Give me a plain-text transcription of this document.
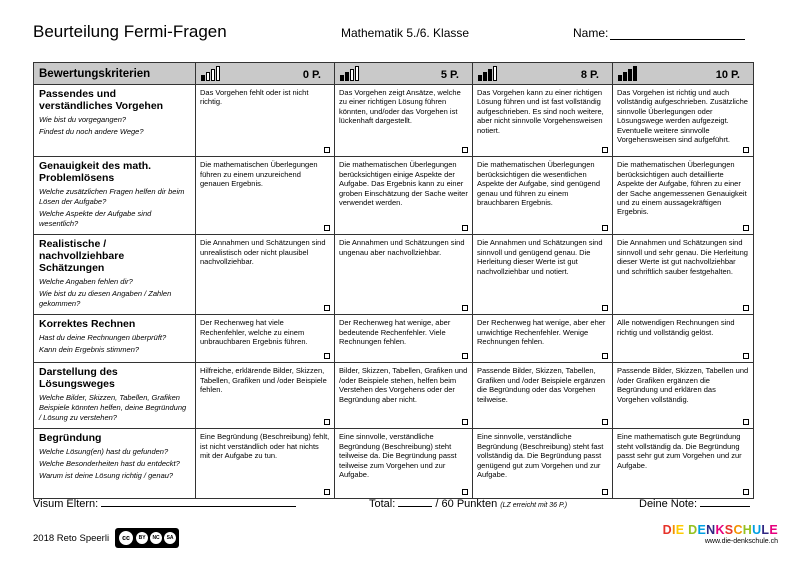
Beurteilung Fermi-Fragen	Mathematik 5./6. Klasse	Name:
Bewertungskriterien	0 P.	5 P.	8 P.	10 P.

Passendes und verständliches Vorgehen
Wie bist du vorgegangen?
Findest du noch andere Wege?	Das Vorgehen fehlt oder ist nicht richtig.	Das Vorgehen zeigt Ansätze, welche zu einer richtigen Lösung führen könnten, und/oder das Vorgehen ist lückenhaft dargestellt.	Das Vorgehen kann zu einer richtigen Lösung führen und ist fast vollständig aufgeschrieben. Es sind noch weitere, aber nicht sinnvolle Vorgehensweisen notiert.	Das Vorgehen ist richtig und auch vollständig aufgeschrieben. Zusätzliche sinnvolle Überlegungen oder Lösungswege werden aufgezeigt. Eventuelle weitere sinnvolle Vorgehensweisen sind aufgeführt.

Genauigkeit des math. Problemlösens
Welche zusätzlichen Fragen helfen dir beim Lösen der Aufgabe?
Welche Aspekte der Aufgabe sind wesentlich?	Die mathematischen Überlegungen führen zu einem unzureichend genauen Ergebnis.	Die mathematischen Überlegungen berücksichtigen einige Aspekte der Aufgabe. Das Ergebnis kann zu einer groben Einschätzung der Sache weiter verwendet werden.	Die mathematischen Überlegungen berücksichtigen die wesentlichen Aspekte der Aufgabe, sind genügend genau und führen zu einem brauchbaren Ergebnis.	Die mathematischen Überlegungen berücksichtigen auch detaillierte Aspekte der Aufgabe, führen zu einer der Sache angemessenen Genauigkeit und zu einem aussagekräftigen Ergebnis.

Realistische / nachvollziehbare Schätzungen
Welche Angaben fehlen dir?
Wie bist du zu diesen Angaben / Zahlen gekommen?	Die Annahmen und Schätzungen sind unrealistisch oder nicht plausibel nachvollziehbar.	Die Annahmen und Schätzungen sind ungenau aber nachvollziehbar.	Die Annahmen und Schätzungen sind sinnvoll und genügend genau. Die Herleitung dieser Werte ist gut nachvollziehbar und notiert.	Die Annahmen und Schätzungen sind sinnvoll und sehr genau. Die Herleitung dieser Werte ist gut nachvollziehbar und schriftlich sauber festgehalten.

Korrektes Rechnen
Hast du deine Rechnungen überprüft?
Kann dein Ergebnis stimmen?	Der Rechenweg hat viele Rechenfehler, welche zu einem unbrauchbaren Ergebnis führen.	Der Rechenweg hat wenige, aber bedeutende Rechenfehler. Viele Rechnungen fehlen.	Der Rechenweg hat wenige, aber eher unwichtige Rechenfehler. Wenige Rechnungen fehlen.	Alle notwendigen Rechnungen sind richtig und vollständig gelöst.

Darstellung des Lösungsweges
Welche Bilder, Skizzen, Tabellen, Grafiken Beispiele könnten helfen, deine Begründung / Lösung zu verstehen?	Hilfreiche, erklärende Bilder, Skizzen, Tabellen, Grafiken und /oder Beispiele fehlen.	Bilder, Skizzen, Tabellen, Grafiken und /oder Beispiele stehen, helfen beim Verstehen des Vorgehens oder der Begründung aber nicht.	Passende Bilder, Skizzen, Tabellen, Grafiken und /oder Beispiele ergänzen die Begründung oder das Vorgehen teilweise.	Passende Bilder, Skizzen, Tabellen und /oder Grafiken ergänzen die Begründung und erklären das Vorgehen vollständig.

Begründung
Welche Lösung(en) hast du gefunden?
Welche Besonderheiten hast du entdeckt?
Warum ist deine Lösung richtig / genau?	Eine Begründung (Beschreibung) fehlt, ist nicht verständlich oder hat nichts mit der Aufgabe zu tun.	Eine sinnvolle, verständliche Begründung (Beschreibung) steht teilweise da. Die Begründung passt teilweise zum Vorgehen und zur Aufgabe.	Eine sinnvolle, verständliche Begründung (Beschreibung) steht fast vollständig da. Die Begründung passt genügend gut zum Vorgehen und zur Aufgabe.	Eine mathematisch gute Begründung steht vollständig da. Die Begründung passt sehr gut zum Vorgehen und zur Aufgabe.
Visum Eltern:	Total:	/ 60 Punkten (LZ erreicht mit 36 P.)	Deine Note:
2018 Reto Speerli	cc	BY	NC	SA
DIE DENKSCHULE
www.die-denkschule.ch
